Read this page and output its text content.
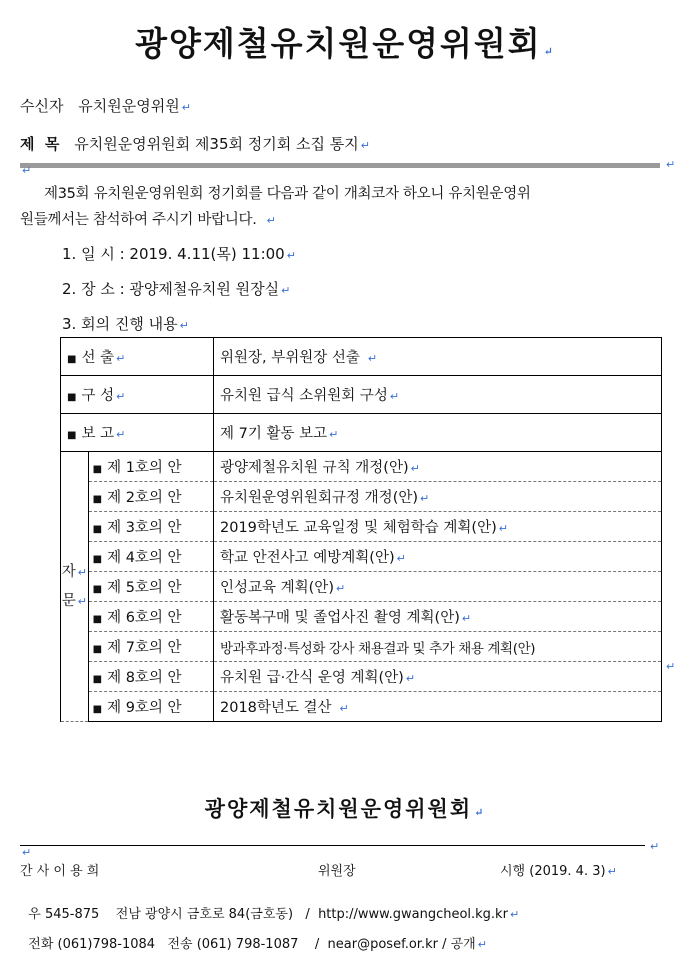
광양제철유치원운영위원회 ↵
수신자 유치원운영위원 ↵
제  목 유치원운영위원회 제35회 정기회 소집 통지 ↵
↵	↵
제35회 유치원운영위원회 정기회를 다음과 같이 개최코자 하오니 유치원운영위
원들께서는 참석하여 주시기 바랍니다. ↵
1. 일 시 : 2019. 4.11(목) 11:00 ↵
2. 장 소 : 광양제철유치원 원장실 ↵
3. 회의 진행 내용 ↵
■ 선 출 ↵		위원장, 부위원장 선출 ↵
■ 구 성 ↵		유치원 급식 소위원회 구성 ↵
■ 보 고 ↵		제 7기 활동 보고 ↵
자 ↵
문 ↵	■ 제 1호의 안	광양제철유치원 규칙 개정(안) ↵
	■ 제 2호의 안	유치원운영위원회규정 개정(안) ↵
	■ 제 3호의 안	2019학년도 교육일정 및 체험학습 계획(안) ↵
	■ 제 4호의 안	학교 안전사고 예방계획(안) ↵
	■ 제 5호의 안	인성교육 계획(안) ↵
	■ 제 6호의 안	활동복구매 및 졸업사진 촬영 계획(안) ↵
	■ 제 7호의 안	방과후과정·특성화 강사 채용결과 및 추가 채용 계획(안)
	■ 제 8호의 안	유치원 급·간식 운영 계획(안) ↵
	■ 제 9호의 안	2018학년도 결산 ↵
↵
광양제철유치원운영위원회 ↵
↵	↵
간 사 이 용 희	위원장	시행 (2019. 4. 3) ↵

우 545-875    전남 광양시 금호로 84(금호동)   /  http://www.gwangcheol.kg.kr ↵

전화 (061)798-1084   전송 (061) 798-1087    /  near@posef.or.kr / 공개 ↵
